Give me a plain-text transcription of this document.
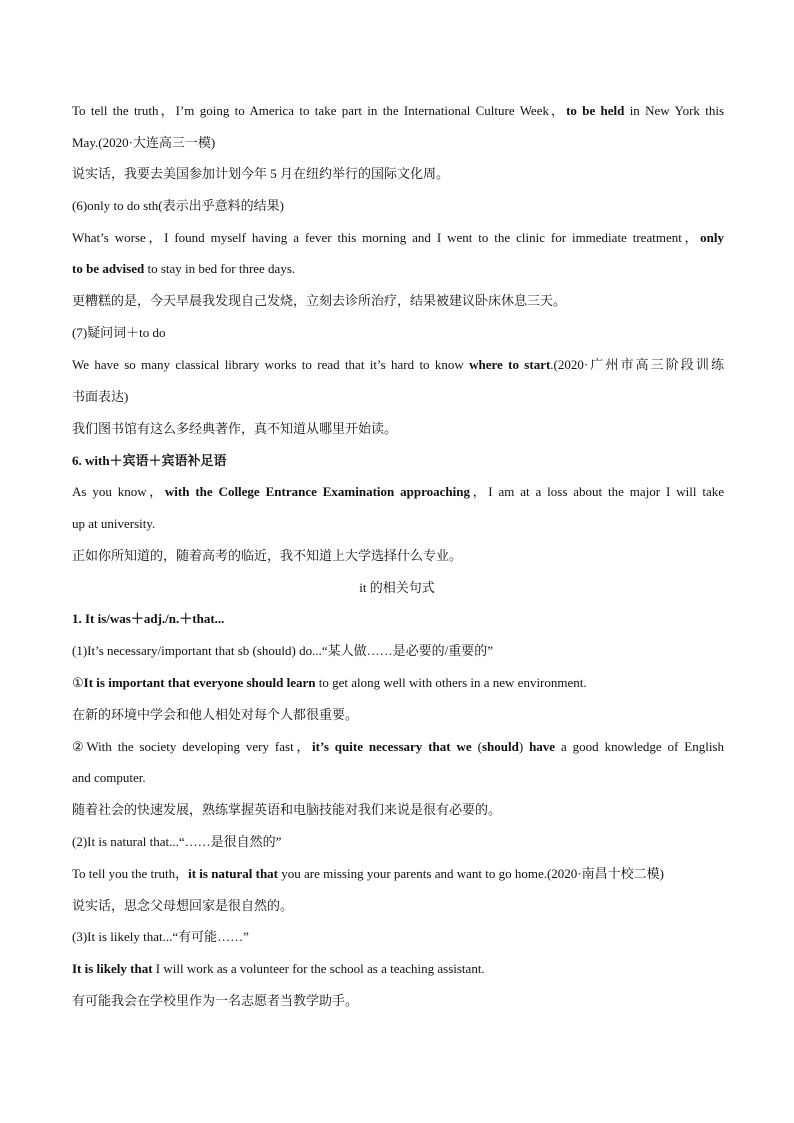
To tell the truth，I’m going to America to take part in the International Culture Week，to be held in New York this
May.(2020·大连高三一模)
说实话，我要去美国参加计划今年 5 月在纽约举行的国际文化周。
(6)only to do sth(表示出乎意料的结果)
What’s worse，I found myself having a fever this morning and I went to the clinic for immediate treatment，only
to be advised to stay in bed for three days.
更糟糕的是，今天早晨我发现自己发烧，立刻去诊所治疗，结果被建议卧床休息三天。
(7)疑问词＋to do
We have so many classical library works to read that it’s hard to know where to start.(2020·广州市高三阶段训练
书面表达)
我们图书馆有这么多经典著作，真不知道从哪里开始读。
6. with＋宾语＋宾语补足语
As you know，with the College Entrance Examination approaching，I am at a loss about the major I will take
up at university.
正如你所知道的，随着高考的临近，我不知道上大学选择什么专业。
it 的相关句式
1. It is/was＋adj./n.＋that...
(1)It’s necessary/important that sb (should) do...“某人做……是必要的/重要的”
①It is important that everyone should learn to get along well with others in a new environment.
在新的环境中学会和他人相处对每个人都很重要。
②With the society developing very fast，it’s quite necessary that we (should) have a good knowledge of English
and computer.
随着社会的快速发展，熟练掌握英语和电脑技能对我们来说是很有必要的。
(2)It is natural that...“……是很自然的”
To tell you the truth，it is natural that you are missing your parents and want to go home.(2020·南昌十校二模)
说实话，思念父母想回家是很自然的。
(3)It is likely that...“有可能……”
It is likely that I will work as a volunteer for the school as a teaching assistant.
有可能我会在学校里作为一名志愿者当教学助手。
